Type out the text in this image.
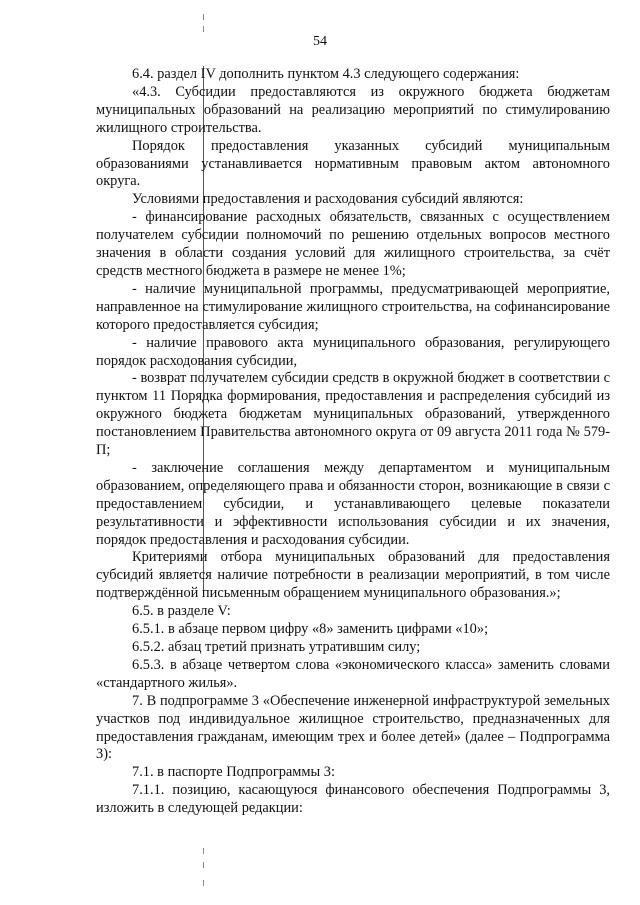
54

6.4. раздел IV дополнить пунктом 4.3 следующего содержания:

«4.3. Субсидии предоставляются из окружного бюджета бюджетам муниципальных образований на реализацию мероприятий по стимулированию жилищного строительства.

Порядок предоставления указанных субсидий муниципальным образованиями устанавливается нормативным правовым актом автономного округа.

Условиями предоставления и расходования субсидий являются:

- финансирование расходных обязательств, связанных с осуществлением получателем субсидии полномочий по решению отдельных вопросов местного значения в области создания условий для жилищного строительства, за счёт средств местного бюджета в размере не менее 1%;

- наличие муниципальной программы, предусматривающей мероприятие, направленное на стимулирование жилищного строительства, на софинансирование которого предоставляется субсидия;

- наличие правового акта муниципального образования, регулирующего порядок расходования субсидии,

- возврат получателем субсидии средств в окружной бюджет в соответствии с пунктом 11 Порядка формирования, предоставления и распределения субсидий из окружного бюджета бюджетам муниципальных образований, утвержденного постановлением Правительства автономного округа от 09 августа 2011 года № 579-П;

- заключение соглашения между департаментом и муниципальным образованием, определяющего права и обязанности сторон, возникающие в связи с предоставлением субсидии, и устанавливающего целевые показатели результативности и эффективности использования субсидии и их значения, порядок предоставления и расходования субсидии.

Критериями отбора муниципальных образований для предоставления субсидий является наличие потребности в реализации мероприятий, в том числе подтверждённой письменным обращением муниципального образования.»;

6.5. в разделе V:

6.5.1. в абзаце первом цифру «8» заменить цифрами «10»;

6.5.2. абзац третий признать утратившим силу;

6.5.3. в абзаце четвертом слова «экономического класса» заменить словами «стандартного жилья».

7. В подпрограмме 3 «Обеспечение инженерной инфраструктурой земельных участков под индивидуальное жилищное строительство, предназначенных для предоставления гражданам, имеющим трех и более детей» (далее – Подпрограмма 3):

7.1. в паспорте Подпрограммы 3:

7.1.1. позицию, касающуюся финансового обеспечения Подпрограммы 3, изложить в следующей редакции:
